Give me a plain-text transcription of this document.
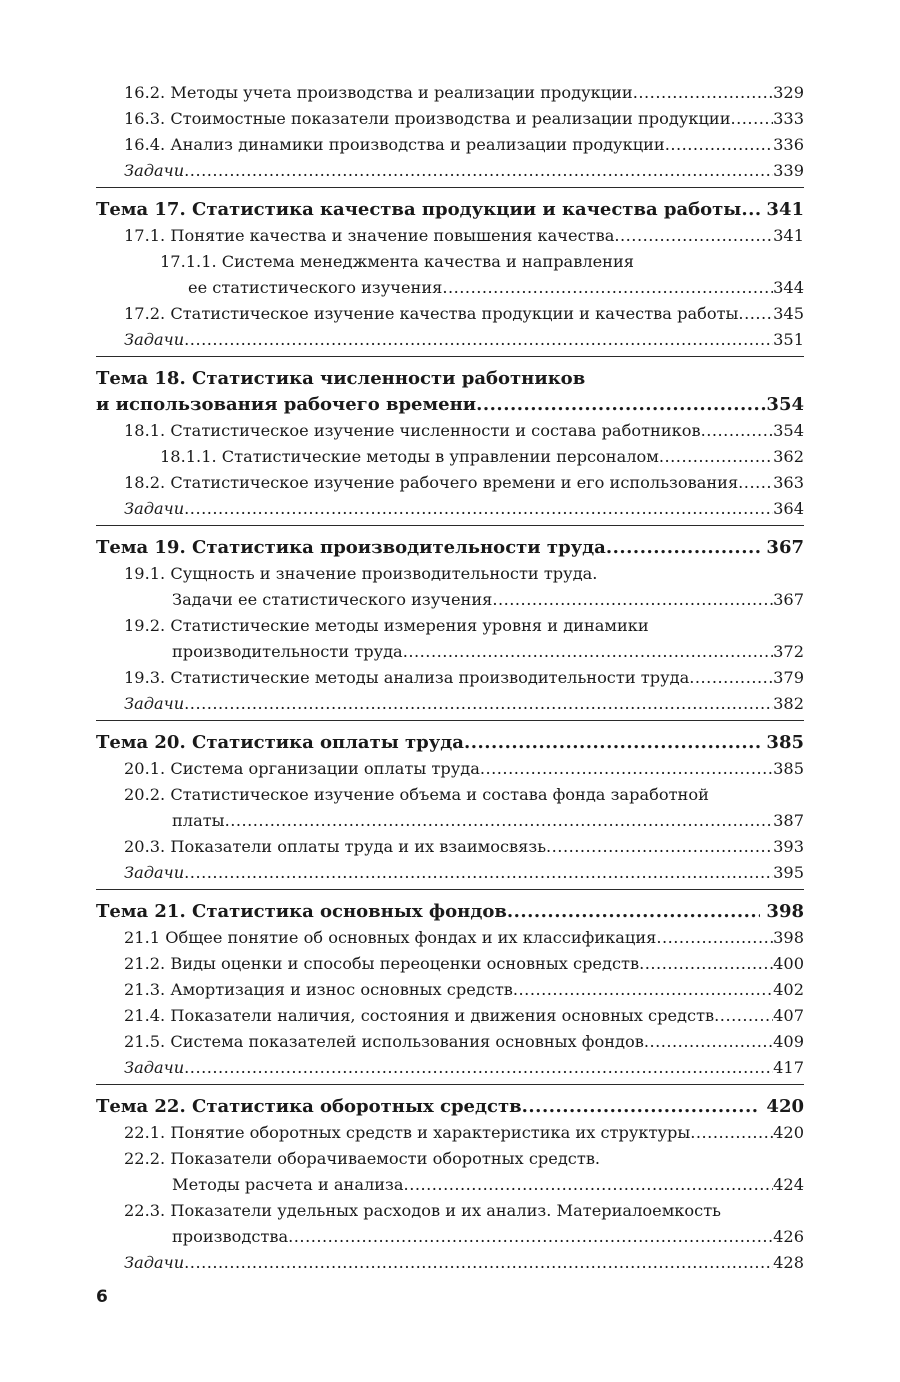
16.2. Методы учета производства и реализации продукции .....	329
16.3. Стоимостные показатели производства и реализации продукции .....	333
16.4. Анализ динамики производства и реализации продукции .....	336
Задачи .....	339
Тема 17. Статистика качества продукции и качества работы .....	341
17.1. Понятие качества и значение повышения качества .....	341
17.1.1. Система менеджмента качества и направления
ее статистического изучения .....	344
17.2. Статистическое изучение качества продукции и качества работы ..... 345
Задачи .....	351
Тема 18. Статистика численности работников
и использования рабочего времени .....	354
18.1. Статистическое изучение численности и состава работников .....	354
18.1.1. Статистические методы в управлении персоналом .....	362
18.2. Статистическое изучение рабочего времени и его использования ..... 363
Задачи .....	364
Тема 19. Статистика производительности труда .....	367
19.1. Сущность и значение производительности труда.
Задачи ее статистического изучения .....	367
19.2. Статистические методы измерения уровня и динамики
производительности труда .....	372
19.3. Статистические методы анализа производительности труда .....	379
Задачи .....	382
Тема 20. Статистика оплаты труда .....	385
20.1. Система организации оплаты труда .....	385
20.2. Статистическое изучение объема и состава фонда заработной
платы .....	387
20.3. Показатели оплаты труда и их взаимосвязь .....	393
Задачи .....	395
Тема 21. Статистика основных фондов .....	398
21.1 Общее понятие об основных фондах и их классификация .....	398
21.2. Виды оценки и способы переоценки основных средств .....	400
21.3. Амортизация и износ основных средств .....	402
21.4. Показатели наличия, состояния и движения основных средств .....	407
21.5. Система показателей использования основных фондов .....	409
Задачи .....	417
Тема 22. Статистика оборотных средств .....	420
22.1. Понятие оборотных средств и характеристика их структуры .....	420
22.2. Показатели оборачиваемости оборотных средств.
Методы расчета и анализа .....	424
22.3. Показатели удельных расходов и их анализ. Материалоемкость
производства .....	426
Задачи .....	428
6
